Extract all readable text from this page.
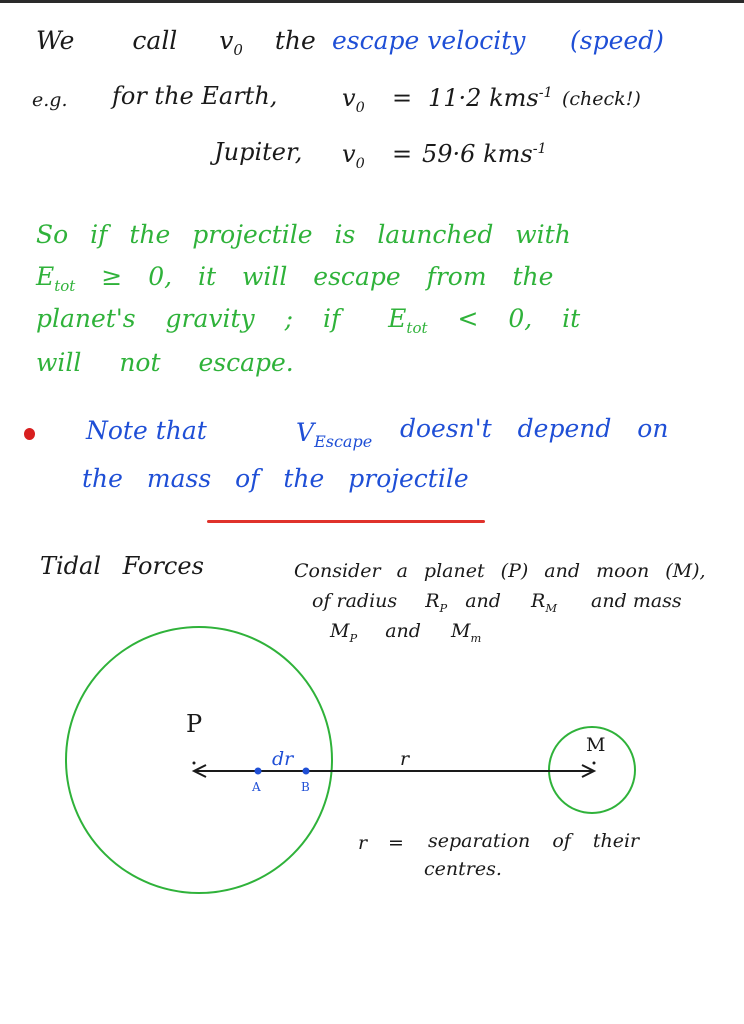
We call $v_0$ the escape velocity (speed)
e.g. for the Earth,	$v_0 = 11\cdot 2$ kms$^{-1}$ (check!)
Jupiter, $v_0 = 59\cdot 6$ kms$^{-1}$
So if the projectile is launched with
$E_{tot} \ge 0$, it will escape from the
planet's gravity ; if $E_{tot} < 0$, it
will not escape.
Note that	$V_{Escape}$ doesn't depend on
the mass of the projectile
Tidal Forces	Consider a planet (P) and moon (M),
of radius $R_P$ and $R_M$ and mass
$M_P$ and $M_m$
P
M
dr	r
A	B
r = separation of their
centres.
